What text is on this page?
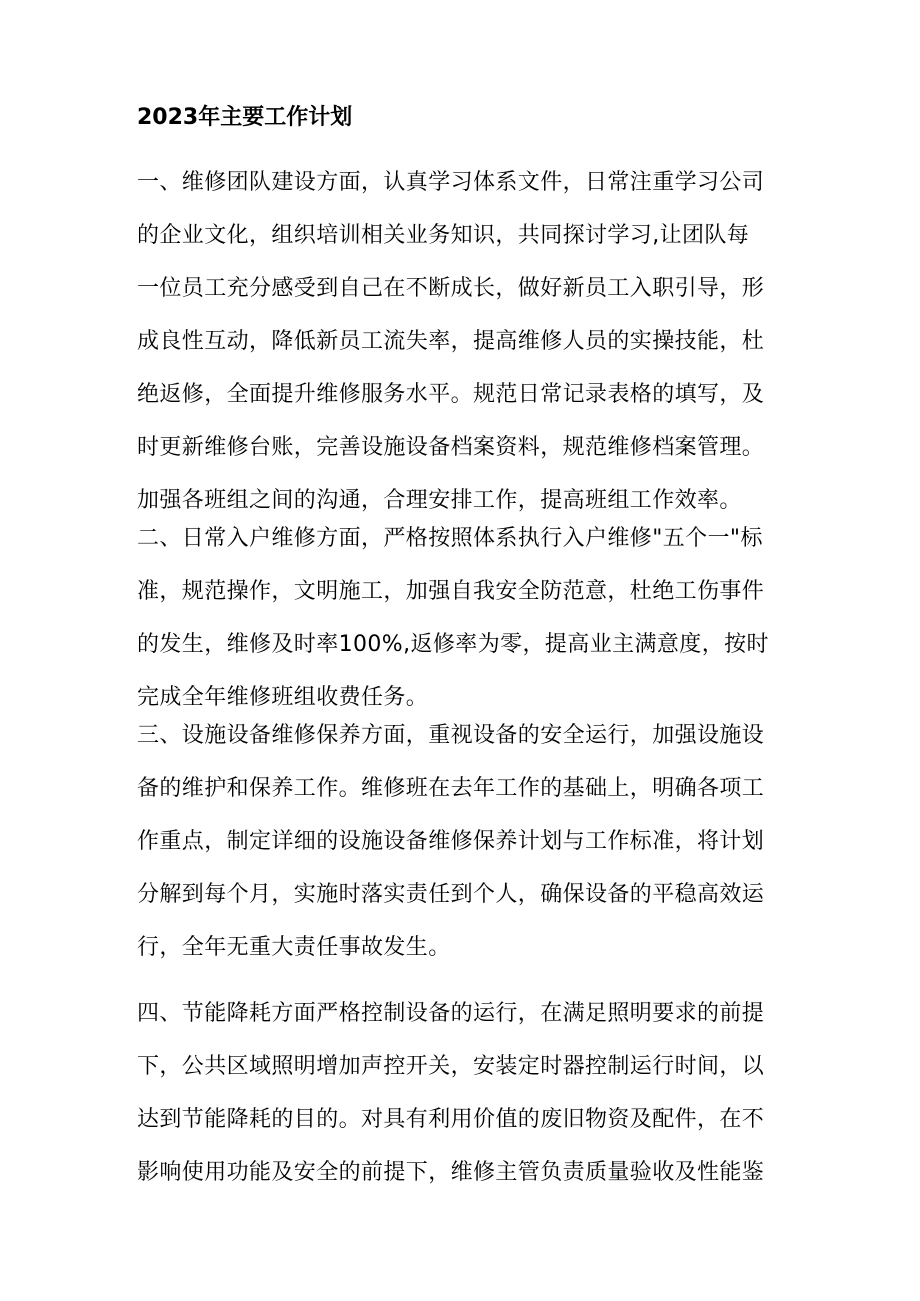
2023年主要工作计划
一、维修团队建设方面，认真学习体系文件，日常注重学习公司
的企业文化，组织培训相关业务知识，共同探讨学习,让团队每
一位员工充分感受到自己在不断成长，做好新员工入职引导，形
成良性互动，降低新员工流失率，提高维修人员的实操技能，杜
绝返修，全面提升维修服务水平。规范日常记录表格的填写，及
时更新维修台账，完善设施设备档案资料，规范维修档案管理。
加强各班组之间的沟通，合理安排工作，提高班组工作效率。
二、日常入户维修方面，严格按照体系执行入户维修"五个一"标
准，规范操作，文明施工，加强自我安全防范意，杜绝工伤事件
的发生，维修及时率100%,返修率为零，提高业主满意度，按时
完成全年维修班组收费任务。
三、设施设备维修保养方面，重视设备的安全运行，加强设施设
备的维护和保养工作。维修班在去年工作的基础上，明确各项工
作重点，制定详细的设施设备维修保养计划与工作标准，将计划
分解到每个月，实施时落实责任到个人，确保设备的平稳高效运
行，全年无重大责任事故发生。
四、节能降耗方面严格控制设备的运行，在满足照明要求的前提
下，公共区域照明增加声控开关，安装定时器控制运行时间，以
达到节能降耗的目的。对具有利用价值的废旧物资及配件，在不
影响使用功能及安全的前提下，维修主管负责质量验收及性能鉴
